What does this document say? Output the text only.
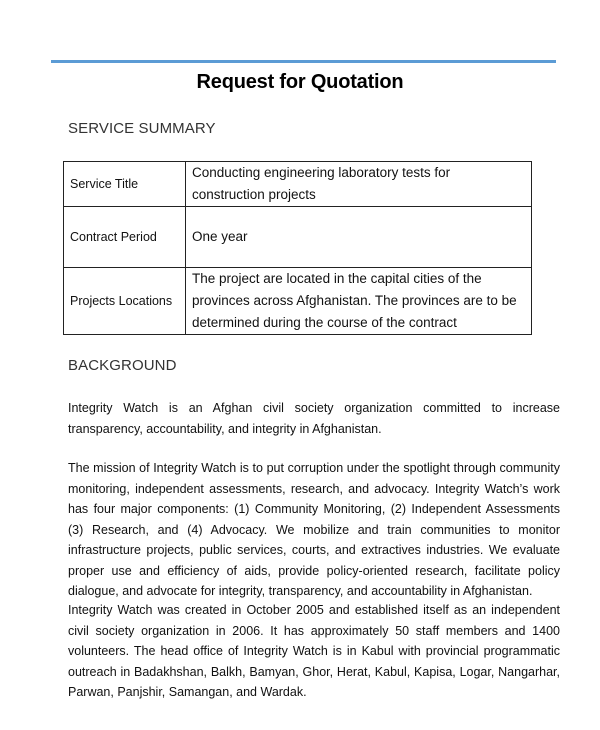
Request for Quotation
SERVICE SUMMARY
Service Title	Conducting engineering laboratory tests for construction projects
Contract Period	One year
Projects Locations	The project are located in the capital cities of the provinces across Afghanistan. The provinces are to be determined during the course of the contract
BACKGROUND
Integrity Watch is an Afghan civil society organization committed to increase transparency, accountability, and integrity in Afghanistan.
The mission of Integrity Watch is to put corruption under the spotlight through community monitoring, independent assessments, research, and advocacy. Integrity Watch’s work has four major components: (1) Community Monitoring, (2) Independent Assessments (3) Research, and (4) Advocacy. We mobilize and train communities to monitor infrastructure projects, public services, courts, and extractives industries. We evaluate proper use and efficiency of aids, provide policy-oriented research, facilitate policy dialogue, and advocate for integrity, transparency, and accountability in Afghanistan.
Integrity Watch was created in October 2005 and established itself as an independent civil society organization in 2006. It has approximately 50 staff members and 1400 volunteers. The head office of Integrity Watch is in Kabul with provincial programmatic outreach in Badakhshan, Balkh, Bamyan, Ghor, Herat, Kabul, Kapisa, Logar, Nangarhar, Parwan, Panjshir, Samangan, and Wardak.
